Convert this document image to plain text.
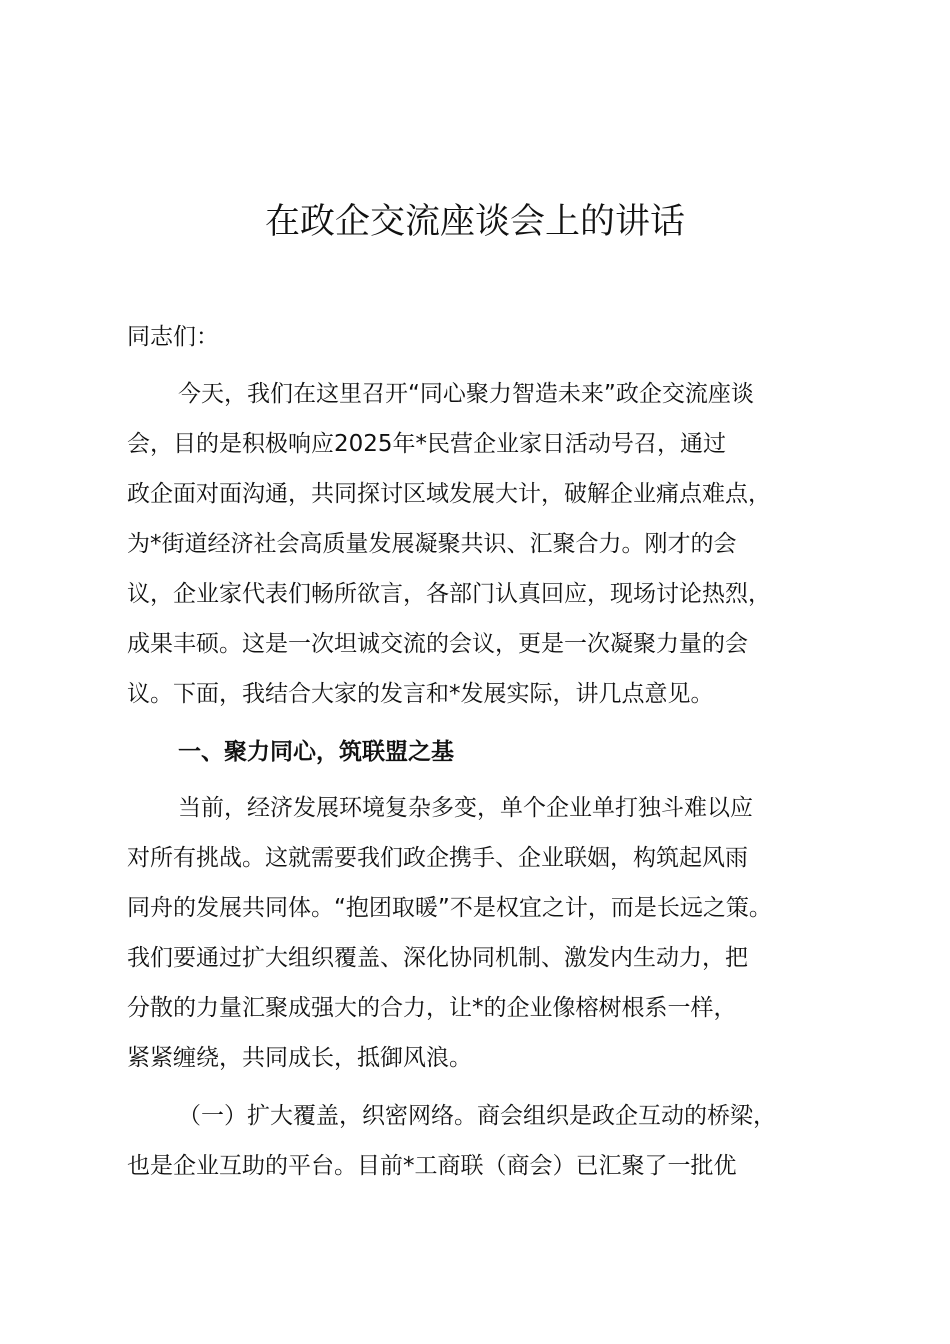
在政企交流座谈会上的讲话
同志们：
今天，我们在这里召开“同心聚力智造未来”政企交流座谈
会，目的是积极响应2025年*民营企业家日活动号召，通过
政企面对面沟通，共同探讨区域发展大计，破解企业痛点难点，
为*街道经济社会高质量发展凝聚共识、汇聚合力。刚才的会
议，企业家代表们畅所欲言，各部门认真回应，现场讨论热烈，
成果丰硕。这是一次坦诚交流的会议，更是一次凝聚力量的会
议。下面，我结合大家的发言和*发展实际，讲几点意见。
一、聚力同心，筑联盟之基
当前，经济发展环境复杂多变，单个企业单打独斗难以应
对所有挑战。这就需要我们政企携手、企业联姻，构筑起风雨
同舟的发展共同体。“抱团取暖”不是权宜之计，而是长远之策。
我们要通过扩大组织覆盖、深化协同机制、激发内生动力，把
分散的力量汇聚成强大的合力，让*的企业像榕树根系一样，
紧紧缠绕，共同成长，抵御风浪。
（一）扩大覆盖，织密网络。商会组织是政企互动的桥梁，
也是企业互助的平台。目前*工商联（商会）已汇聚了一批优
